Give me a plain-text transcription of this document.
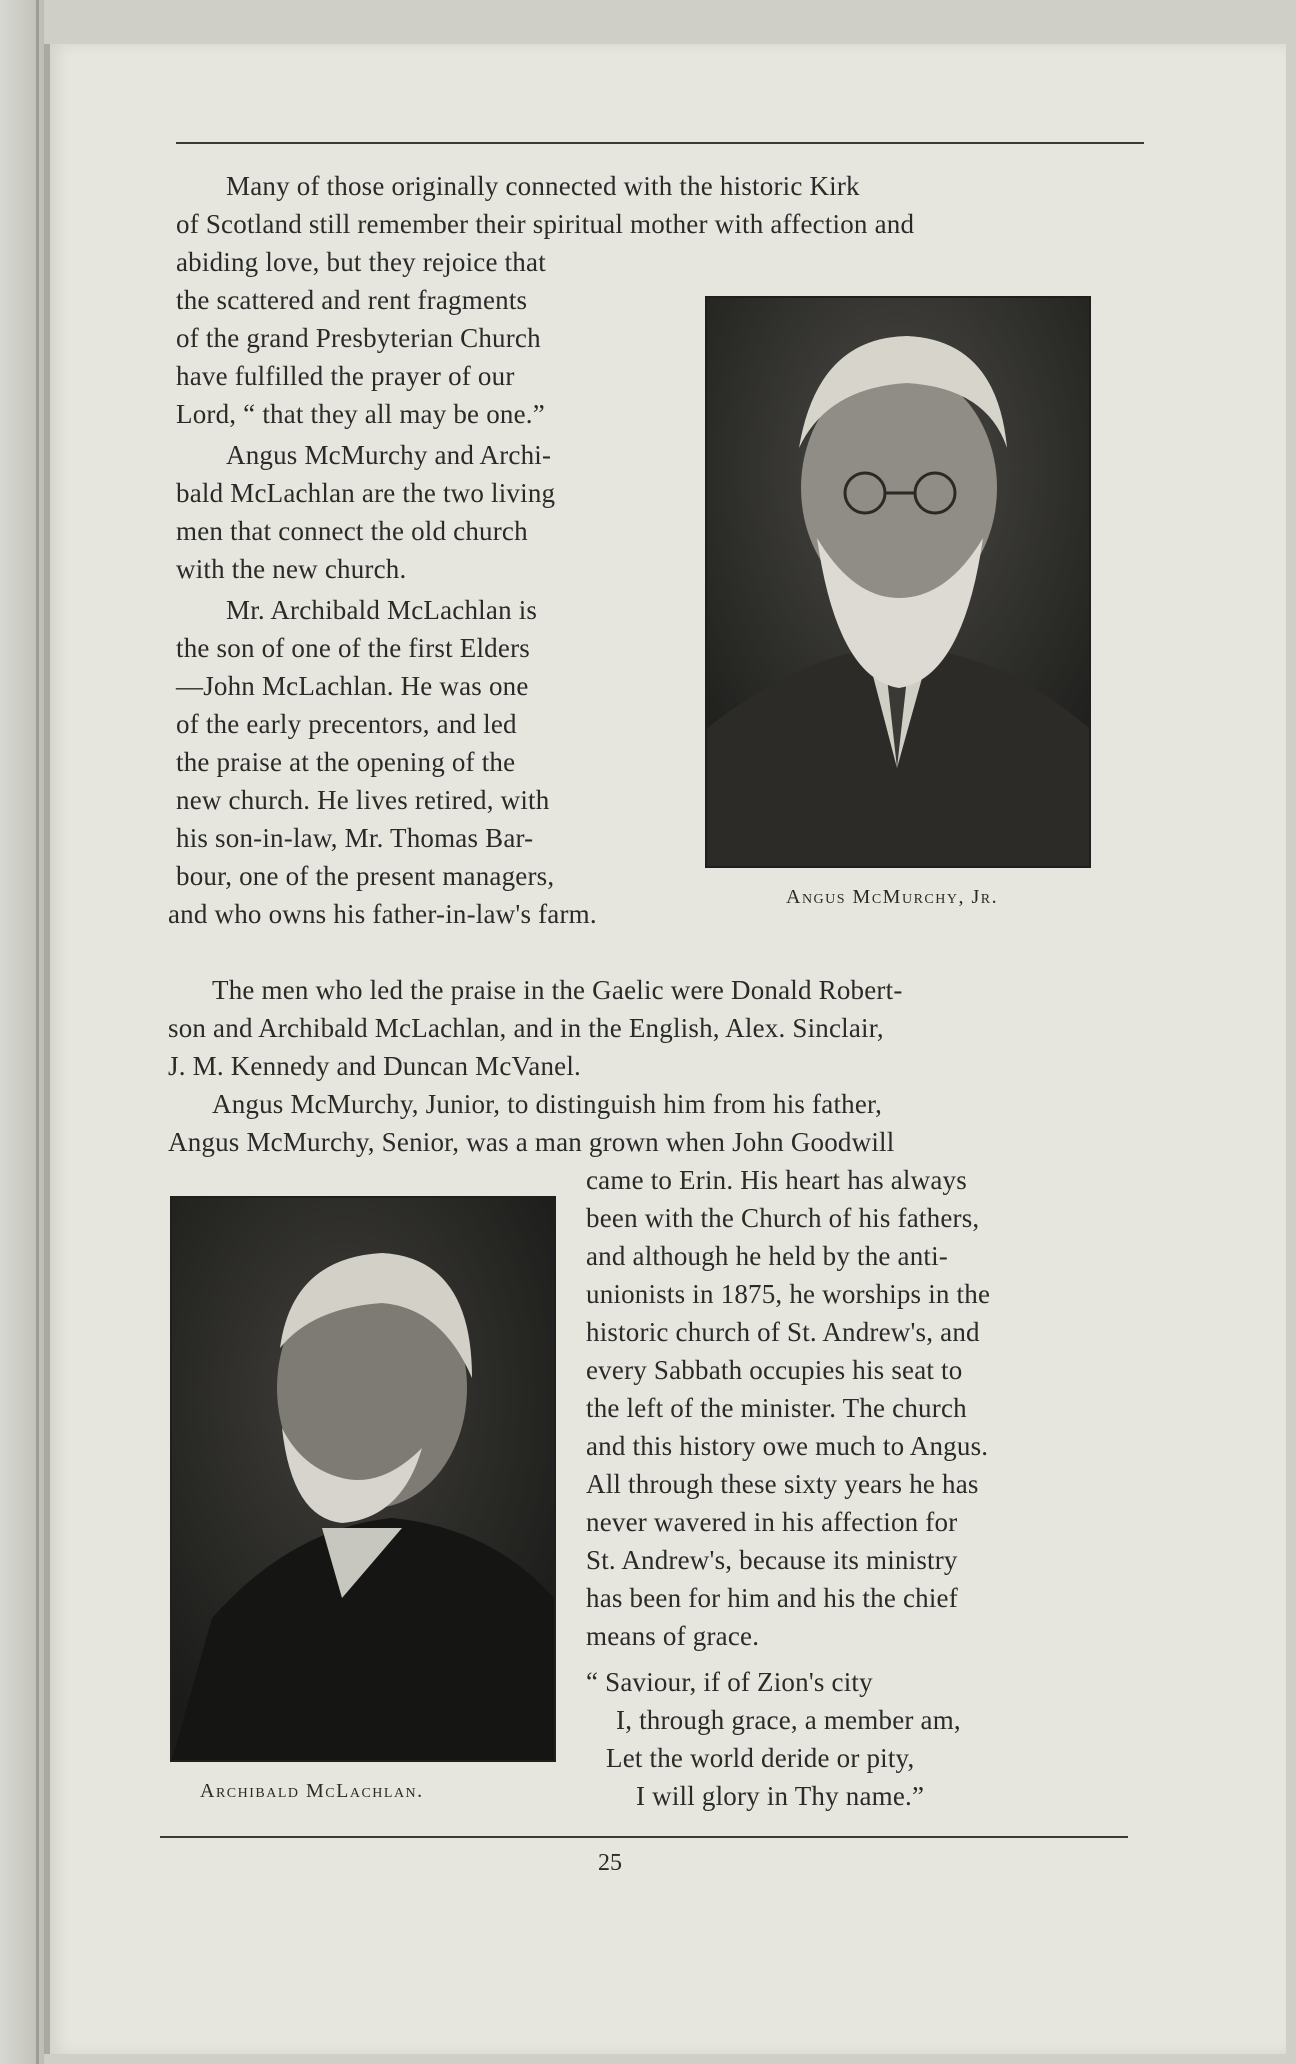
Many of those originally connected with the historic Kirk
of Scotland still remember their spiritual mother with affection and
abiding love, but they rejoice that
the scattered and rent fragments
of the grand Presbyterian Church
have fulfilled the prayer of our
Lord, “ that they all may be one.”
Angus McMurchy and Archi-
bald McLachlan are the two living
men that connect the old church
with the new church.
Mr. Archibald McLachlan is
the son of one of the first Elders
—John McLachlan. He was one
of the early precentors, and led
the praise at the opening of the
new church. He lives retired, with
his son-in-law, Mr. Thomas Bar-
bour, one of the present managers,
and who owns his father-in-law's farm.
Angus McMurchy, Jr.
The men who led the praise in the Gaelic were Donald Robert-
son and Archibald McLachlan, and in the English, Alex. Sinclair,
J. M. Kennedy and Duncan McVanel.
Angus McMurchy, Junior, to distinguish him from his father,
Angus McMurchy, Senior, was a man grown when John Goodwill
came to Erin. His heart has always
been with the Church of his fathers,
and although he held by the anti-
unionists in 1875, he worships in the
historic church of St. Andrew's, and
every Sabbath occupies his seat to
the left of the minister. The church
and this history owe much to Angus.
All through these sixty years he has
never wavered in his affection for
St. Andrew's, because its ministry
has been for him and his the chief
means of grace.
“ Saviour, if of Zion's city
I, through grace, a member am,
Let the world deride or pity,
I will glory in Thy name.”
Archibald McLachlan.
25
